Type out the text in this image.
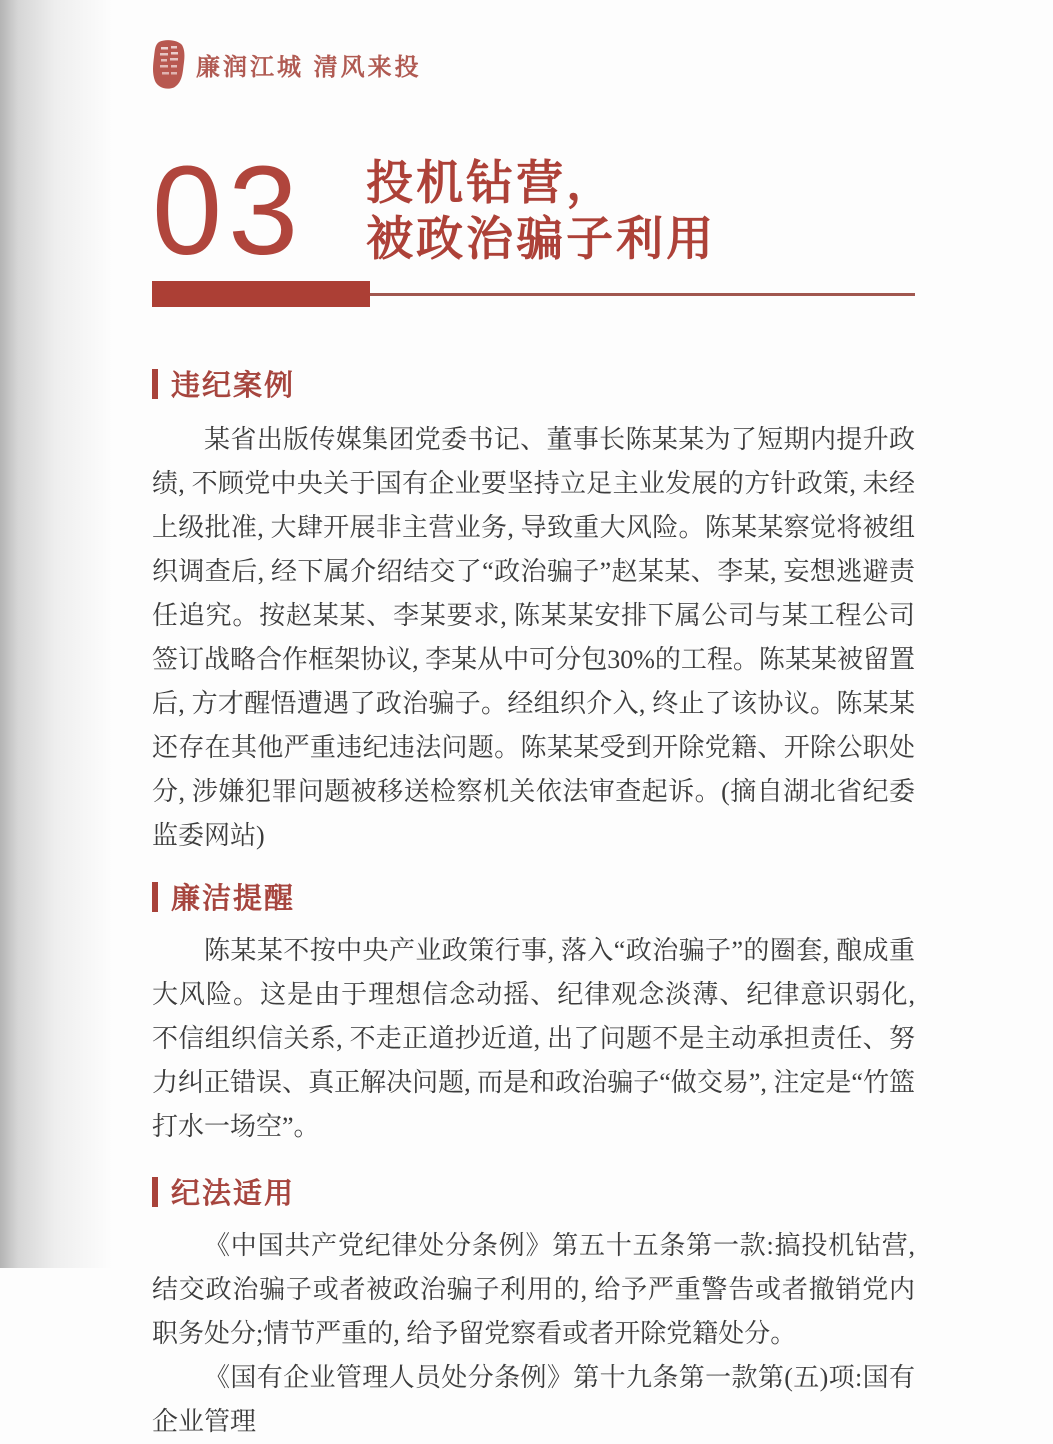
廉润江城 清风来投
03 投机钻营，
被政治骗子利用
违纪案例

某省出版传媒集团党委书记、董事长陈某某为了短期内提升政绩, 不顾党中央关于国有企业要坚持立足主业发展的方针政策, 未经上级批准, 大肆开展非主营业务, 导致重大风险。陈某某察觉将被组织调查后, 经下属介绍结交了“政治骗子”赵某某、李某, 妄想逃避责任追究。按赵某某、李某要求, 陈某某安排下属公司与某工程公司签订战略合作框架协议, 李某从中可分包30%的工程。陈某某被留置后, 方才醒悟遭遇了政治骗子。经组织介入, 终止了该协议。陈某某还存在其他严重违纪违法问题。陈某某受到开除党籍、开除公职处分, 涉嫌犯罪问题被移送检察机关依法审查起诉。(摘自湖北省纪委监委网站)

廉洁提醒

陈某某不按中央产业政策行事, 落入“政治骗子”的圈套, 酿成重大风险。这是由于理想信念动摇、纪律观念淡薄、纪律意识弱化, 不信组织信关系, 不走正道抄近道, 出了问题不是主动承担责任、努力纠正错误、真正解决问题, 而是和政治骗子“做交易”, 注定是“竹篮打水一场空”。

纪法适用

《中国共产党纪律处分条例》第五十五条第一款:搞投机钻营, 结交政治骗子或者被政治骗子利用的, 给予严重警告或者撤销党内职务处分;情节严重的, 给予留党察看或者开除党籍处分。

《国有企业管理人员处分条例》第十九条第一款第(五)项:国有企业管理
